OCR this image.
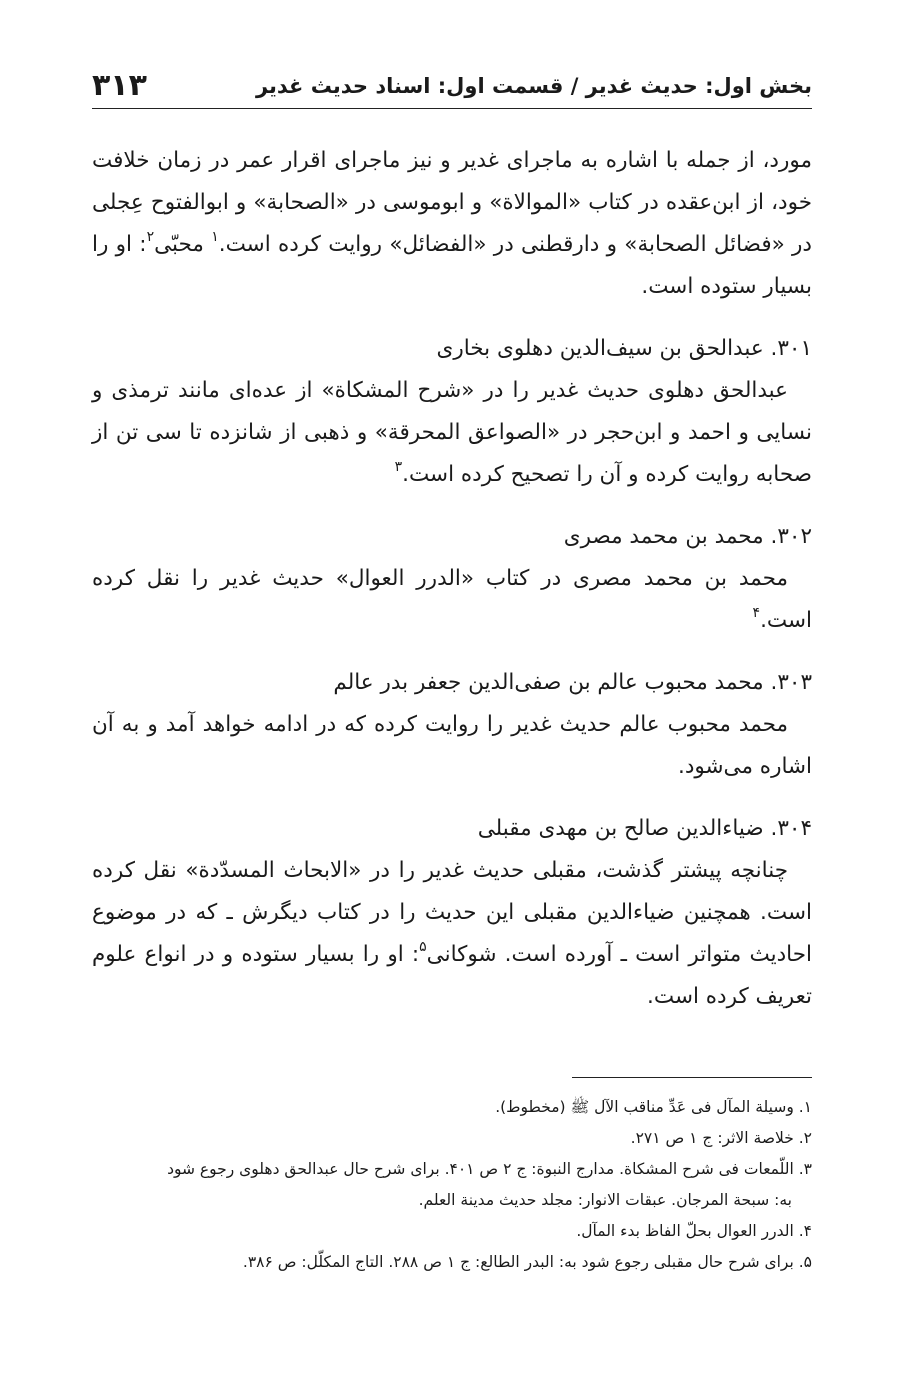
بخش اول: حدیث غدیر / قسمت اول: اسناد حدیث غدیر
۳۱۳

مورد، از جمله با اشاره به ماجرای غدیر و نیز ماجرای اقرار عمر در زمان خلافت خود، از ابن‌عقده در کتاب «الموالاة» و ابوموسی در «الصحابة» و ابوالفتوح عِجلی در «فضائل الصحابة» و دارقطنی در «الفضائل» روایت کرده است.$^۱$ محبّی$^۲$: او را بسیار ستوده است.

۳۰۱. عبدالحق بن سیف‌الدین دهلوی بخاری

عبدالحق دهلوی حدیث غدیر را در «شرح المشکاة» از عده‌ای مانند ترمذی و نسایی و احمد و ابن‌حجر در «الصواعق المحرقة» و ذهبی از شانزده تا سی تن از صحابه روایت کرده و آن را تصحیح کرده است.$^۳$

۳۰۲. محمد بن محمد مصری

محمد بن محمد مصری در کتاب «الدرر العوال» حدیث غدیر را نقل کرده است.$^۴$

۳۰۳. محمد محبوب عالم بن صفی‌الدین جعفر بدر عالم

محمد محبوب عالم حدیث غدیر را روایت کرده که در ادامه خواهد آمد و به آن اشاره می‌شود.

۳۰۴. ضیاءالدین صالح بن مهدی مقبلی

چنانچه پیشتر گذشت، مقبلی حدیث غدیر را در «الابحاث المسدّدة» نقل کرده است. همچنین ضیاءالدین مقبلی این حدیث را در کتاب دیگرش ـ که در موضوع احادیث متواتر است ـ آورده است. شوکانی$^۵$: او را بسیار ستوده و در انواع علوم تعریف کرده است.

۱. وسیلة المآل فی عَدِّ مناقب الآل ﷺ (مخطوط).

۲. خلاصة الاثر: ج ۱ ص ۲۷۱.

۳. اللّمعات فی شرح المشکاة. مدارج النبوة: ج ۲ ص ۴۰۱. برای شرح حال عبدالحق دهلوی رجوع شود

به: سبحة المرجان. عبقات الانوار: مجلد حدیث مدینة العلم.

۴. الدرر العوال بحلّ الفاظ بدء المآل.

۵. برای شرح حال مقبلی رجوع شود به: البدر الطالع: ج ۱ ص ۲۸۸. التاج المکلّل: ص ۳۸۶.
